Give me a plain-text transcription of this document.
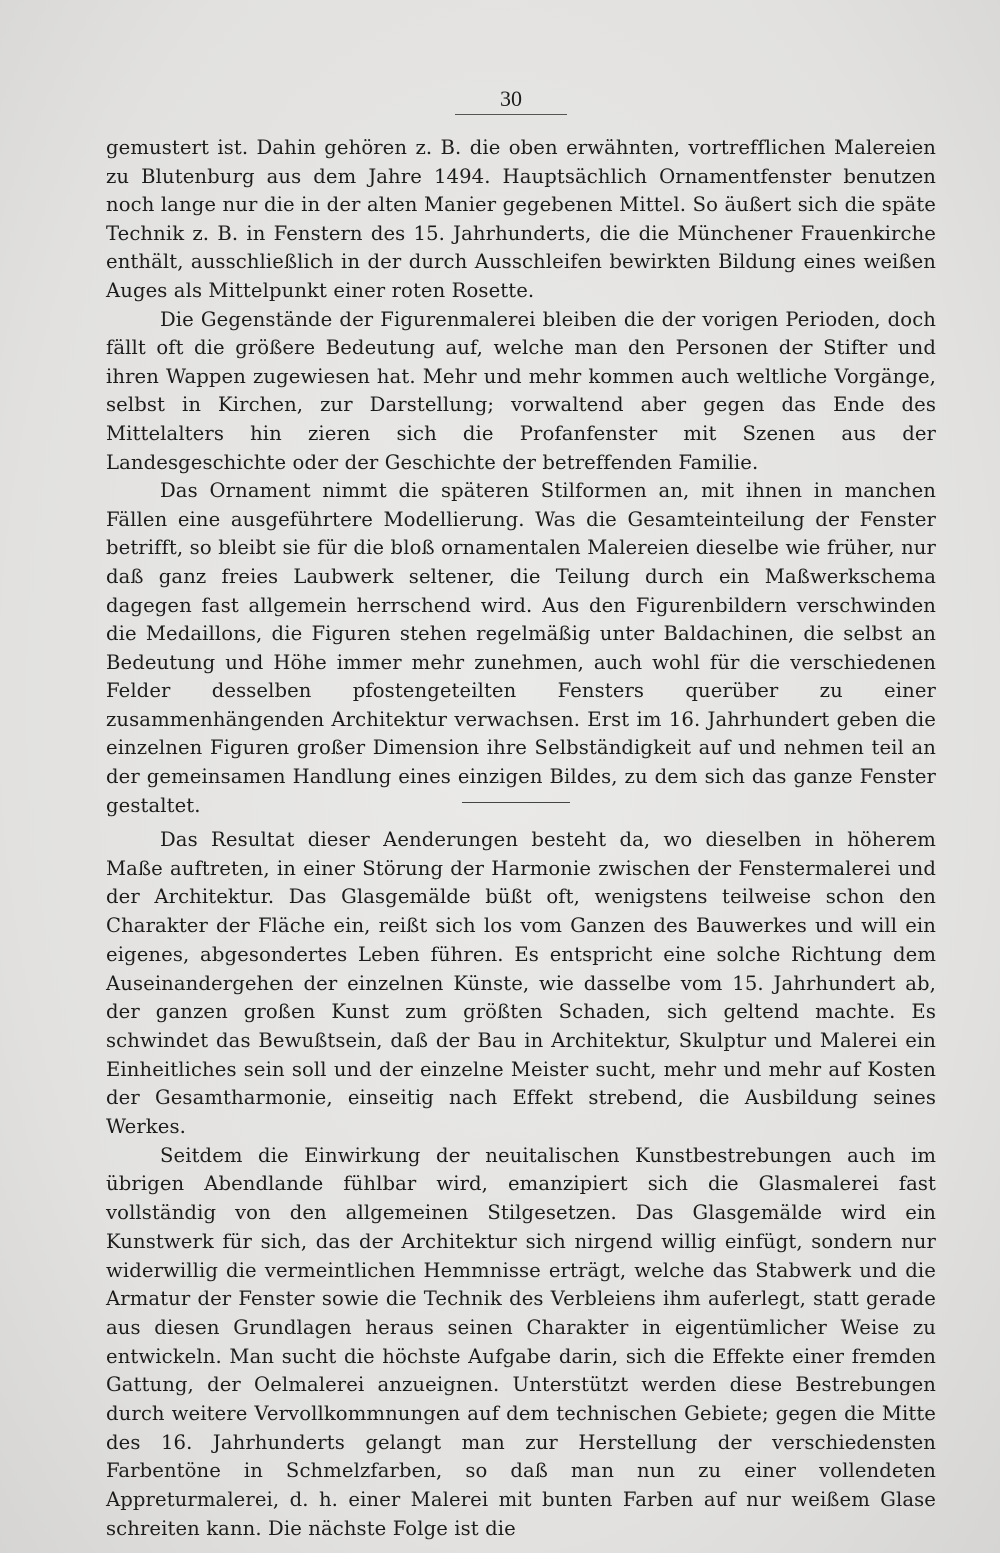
30

gemustert ist. Dahin gehören z. B. die oben erwähnten, vortrefflichen Malereien zu Blutenburg aus dem Jahre 1494. Hauptsächlich Ornamentfenster benutzen noch lange nur die in der alten Manier gegebenen Mittel. So äußert sich die späte Technik z. B. in Fenstern des 15. Jahrhunderts, die die Münchener Frauenkirche enthält, ausschließlich in der durch Ausschleifen bewirkten Bildung eines weißen Auges als Mittelpunkt einer roten Rosette.

Die Gegenstände der Figurenmalerei bleiben die der vorigen Perioden, doch fällt oft die größere Bedeutung auf, welche man den Personen der Stifter und ihren Wappen zugewiesen hat. Mehr und mehr kommen auch weltliche Vorgänge, selbst in Kirchen, zur Darstellung; vorwaltend aber gegen das Ende des Mittelalters hin zieren sich die Profanfenster mit Szenen aus der Landesgeschichte oder der Geschichte der betreffenden Familie.

Das Ornament nimmt die späteren Stilformen an, mit ihnen in manchen Fällen eine ausgeführtere Modellierung. Was die Gesamteinteilung der Fenster betrifft, so bleibt sie für die bloß ornamentalen Malereien dieselbe wie früher, nur daß ganz freies Laubwerk seltener, die Teilung durch ein Maßwerkschema dagegen fast allgemein herrschend wird. Aus den Figurenbildern verschwinden die Medaillons, die Figuren stehen regelmäßig unter Baldachinen, die selbst an Bedeutung und Höhe immer mehr zunehmen, auch wohl für die verschiedenen Felder desselben pfostengeteilten Fensters querüber zu einer zusammenhängenden Architektur verwachsen. Erst im 16. Jahrhundert geben die einzelnen Figuren großer Dimension ihre Selbständigkeit auf und nehmen teil an der gemeinsamen Handlung eines einzigen Bildes, zu dem sich das ganze Fenster gestaltet.

Das Resultat dieser Aenderungen besteht da, wo dieselben in höherem Maße auftreten, in einer Störung der Harmonie zwischen der Fenstermalerei und der Architektur. Das Glasgemälde büßt oft, wenigstens teilweise schon den Charakter der Fläche ein, reißt sich los vom Ganzen des Bauwerkes und will ein eigenes, abgesondertes Leben führen. Es entspricht eine solche Richtung dem Auseinandergehen der einzelnen Künste, wie dasselbe vom 15. Jahrhundert ab, der ganzen großen Kunst zum größten Schaden, sich geltend machte. Es schwindet das Bewußtsein, daß der Bau in Architektur, Skulptur und Malerei ein Einheitliches sein soll und der einzelne Meister sucht, mehr und mehr auf Kosten der Gesamtharmonie, einseitig nach Effekt strebend, die Ausbildung seines Werkes.

Seitdem die Einwirkung der neuitalischen Kunstbestrebungen auch im übrigen Abendlande fühlbar wird, emanzipiert sich die Glasmalerei fast vollständig von den allgemeinen Stilgesetzen. Das Glasgemälde wird ein Kunstwerk für sich, das der Architektur sich nirgend willig einfügt, sondern nur widerwillig die vermeintlichen Hemmnisse erträgt, welche das Stabwerk und die Armatur der Fenster sowie die Technik des Verbleiens ihm auferlegt, statt gerade aus diesen Grundlagen heraus seinen Charakter in eigentümlicher Weise zu entwickeln. Man sucht die höchste Aufgabe darin, sich die Effekte einer fremden Gattung, der Oelmalerei anzueignen. Unterstützt werden diese Bestrebungen durch weitere Vervollkommnungen auf dem technischen Gebiete; gegen die Mitte des 16. Jahrhunderts gelangt man zur Herstellung der verschiedensten Farbentöne in Schmelzfarben, so daß man nun zu einer vollendeten Appreturmalerei, d. h. einer Malerei mit bunten Farben auf nur weißem Glase schreiten kann. Die nächste Folge ist die
